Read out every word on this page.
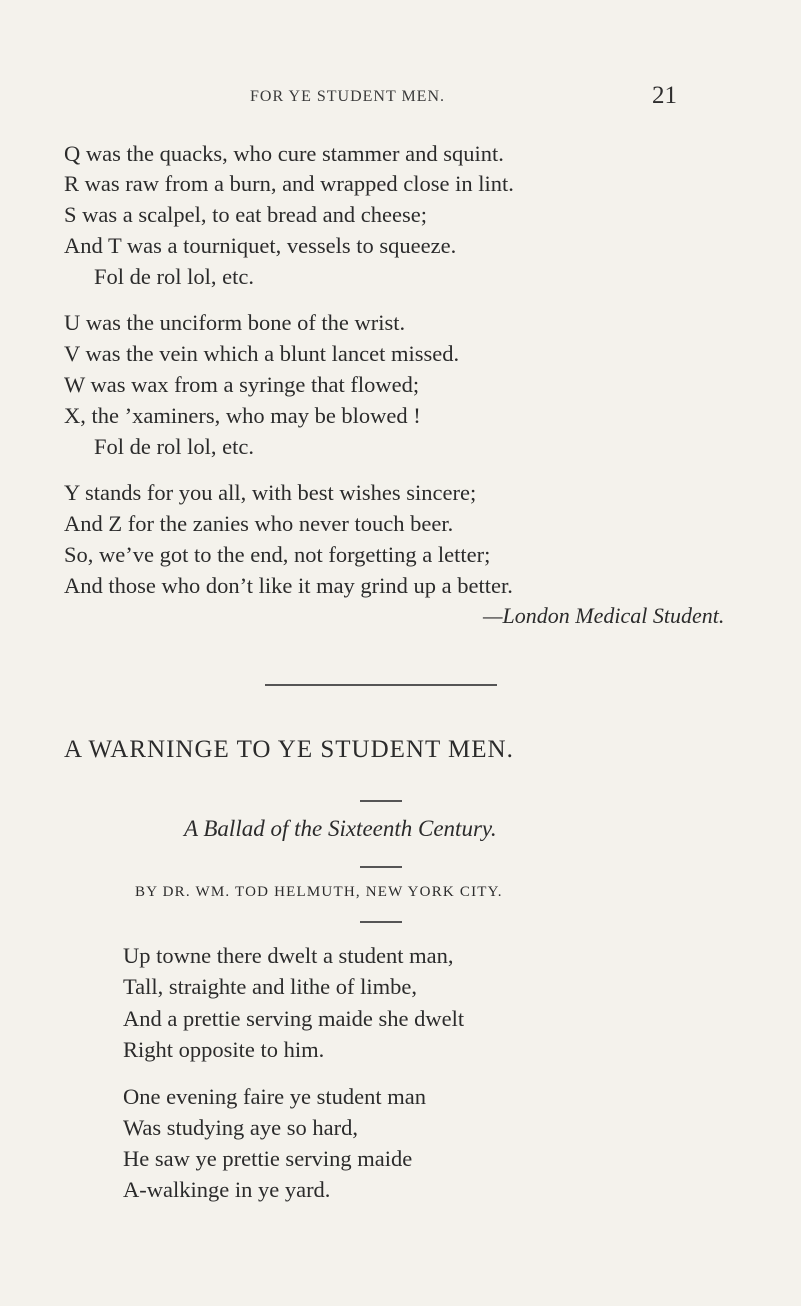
FOR YE STUDENT MEN.	21
Q was the quacks, who cure stammer and squint.
R was raw from a burn, and wrapped close in lint.
S was a scalpel, to eat bread and cheese;
And T was a tourniquet, vessels to squeeze.
Fol de rol lol, etc.
U was the unciform bone of the wrist.
V was the vein which a blunt lancet missed.
W was wax from a syringe that flowed;
X, the ’xaminers, who may be blowed !
Fol de rol lol, etc.
Y stands for you all, with best wishes sincere;
And Z for the zanies who never touch beer.
So, we’ve got to the end, not forgetting a letter;
And those who don’t like it may grind up a better.
—London Medical Student.
A WARNINGE TO YE STUDENT MEN.
A Ballad of the Sixteenth Century.
BY DR. WM. TOD HELMUTH, NEW YORK CITY.
Up towne there dwelt a student man,
Tall, straighte and lithe of limbe,
And a prettie serving maide she dwelt
Right opposite to him.
One evening faire ye student man
Was studying aye so hard,
He saw ye prettie serving maide
A-walkinge in ye yard.
